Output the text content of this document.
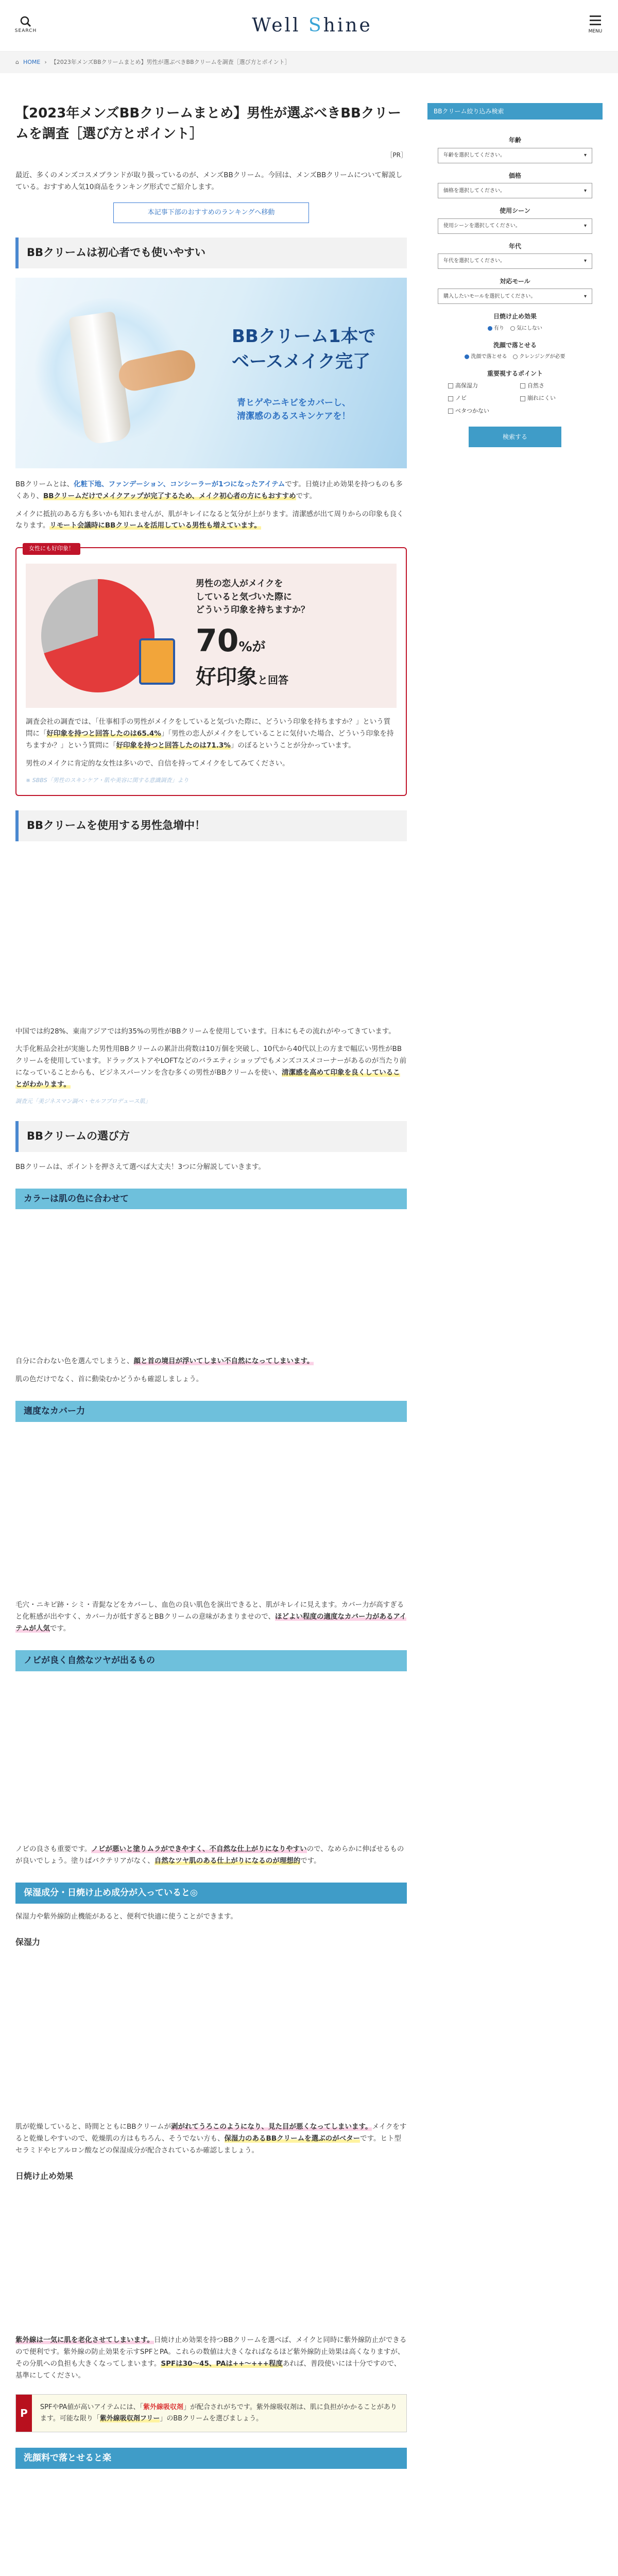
SEARCH	Well Shine	MENU
⌂ HOME › 【2023年メンズBBクリームまとめ】男性が選ぶべきBBクリームを調査［選び方とポイント］
【2023年メンズBBクリームまとめ】男性が選ぶべきBBクリームを調査［選び方とポイント］
［PR］

最近、多くのメンズコスメブランドが取り扱っているのが、メンズBBクリーム。今回は、メンズBBクリームについて解説している。おすすめ人気10商品をランキング形式でご紹介します。

本記事下部のおすすめのランキングへ移動
BBクリームは初心者でも使いやすい
BBクリーム1本で
ベースメイク完了
青ヒゲやニキビをカバーし、
清潔感のあるスキンケアを！

BBクリームとは、化粧下地、ファンデーション、コンシーラーが1つになったアイテムです。日焼け止め効果を持つものも多くあり、BBクリームだけでメイクアップが完了するため、メイク初心者の方にもおすすめです。

メイクに抵抗のある方も多いかも知れませんが、肌がキレイになると気分が上がります。清潔感が出て周りからの印象も良くなります。リモート会議時にBBクリームを活用している男性も増えています。

女性にも好印象！
男性の恋人がメイクを
していると気づいた際に
どういう印象を持ちますか？
70%が
好印象と回答

調査会社の調査では、「仕事相手の男性がメイクをしていると気づいた際に、どういう印象を持ちますか？」という質問に「好印象を持つと回答したのは65.4%」「男性の恋人がメイクをしていることに気付いた場合、どういう印象を持ちますか？」という質問に「好印象を持つと回答したのは71.3%」のぼるということが分かっています。

男性のメイクに肯定的な女性は多いので、自信を持ってメイクをしてみてください。

※ SBBS「男性のスキンケア・肌や美容に関する意識調査」より
BBクリームを使用する男性急増中！

中国では約28%、東南アジアでは約35%の男性がBBクリームを使用しています。日本にもその流れがやってきています。

大手化粧品会社が実施した男性用BBクリームの累計出荷数は10万個を突破し、10代から40代以上の方まで幅広い男性がBBクリームを使用しています。ドラッグストアやLOFTなどのバラエティショップでもメンズコスメコーナーがあるのが当たり前になっていることからも、ビジネスパーソンを含む多くの男性がBBクリームを使い、清潔感を高めて印象を良くしていることがわかります。

調査元「美ジネスマン調べ・セルフプロデュース肌」
BBクリームの選び方

BBクリームは、ポイントを押さえて選べば大丈夫！3つに分解説していきます。

カラーは肌の色に合わせて

自分に合わない色を選んでしまうと、顔と首の境目が浮いてしまい不自然になってしまいます。

肌の色だけでなく、首に動染むかどうかも確認しましょう。

適度なカバー力

毛穴・ニキビ跡・シミ・青髭などをカバーし、血色の良い肌色を演出できると、肌がキレイに見えます。カバー力が高すぎると化粧感が出やすく、カバー力が低すぎるとBBクリームの意味があまりませので、ほどよい程度の適度なカバー力があるアイテムが人気です。

ノビが良く自然なツヤが出るもの

ノビの良さも重要です。ノビが悪いと塗りムラができやすく、不自然な仕上がりになりやすいので、なめらかに伸ばせるものが良いでしょう。塗りぱバクテリアがなく、自然なツヤ肌のある仕上がりになるのが理想的です。

保湿成分・日焼け止め成分が入っていると◎

保湿力や紫外線防止機能があると、便利で快適に使うことができます。

保湿力

肌が乾燥していると、時間とともにBBクリームが剥がれてうろこのようになり、見た目が悪くなってしまいます。メイクをすると乾燥しやすいので、乾燥肌の方はもちろん、そうでない方も、保湿力のあるBBクリームを選ぶのがベターです。ヒト型セラミドやヒアルロン酸などの保湿成分が配合されているか確認しましょう。

日焼け止め効果

紫外線は一気に肌を老化させてしまいます。日焼け止め効果を持つBBクリームを選べば、メイクと同時に紫外線防止ができるので便利です。紫外線の防止効果を示すSPFとPA。これらの数値は大きくなればなるほど紫外線防止効果は高くなりますが、その分肌への負担も大きくなってしまいます。SPFは30〜45、PAは++〜+++程度あれば、普段使いには十分ですので、基準にしてください。

P	SPFやPA値が高いアイテムには、「紫外線吸収剤」が配合されがちです。紫外線吸収剤は、肌に負担がかかることがあります。可能な限り「紫外線吸収剤フリー」のBBクリームを選びましょう。
洗顔料で落とせると楽
BBクリーム絞り込み検索
年齢
年齢を選択してください。	▾
価格
価格を選択してください。	▾
使用シーン
使用シーンを選択してください。	▾
年代
年代を選択してください。	▾
対応モール
購入したいモールを選択してください。	▾
日焼け止め効果
有り 気にしない
洗顔で落とせる
洗顔で落とせる クレンジングが必要
重要視するポイント
高保湿力	自然さ
ノビ	崩れにくい
ベタつかない
検索する
